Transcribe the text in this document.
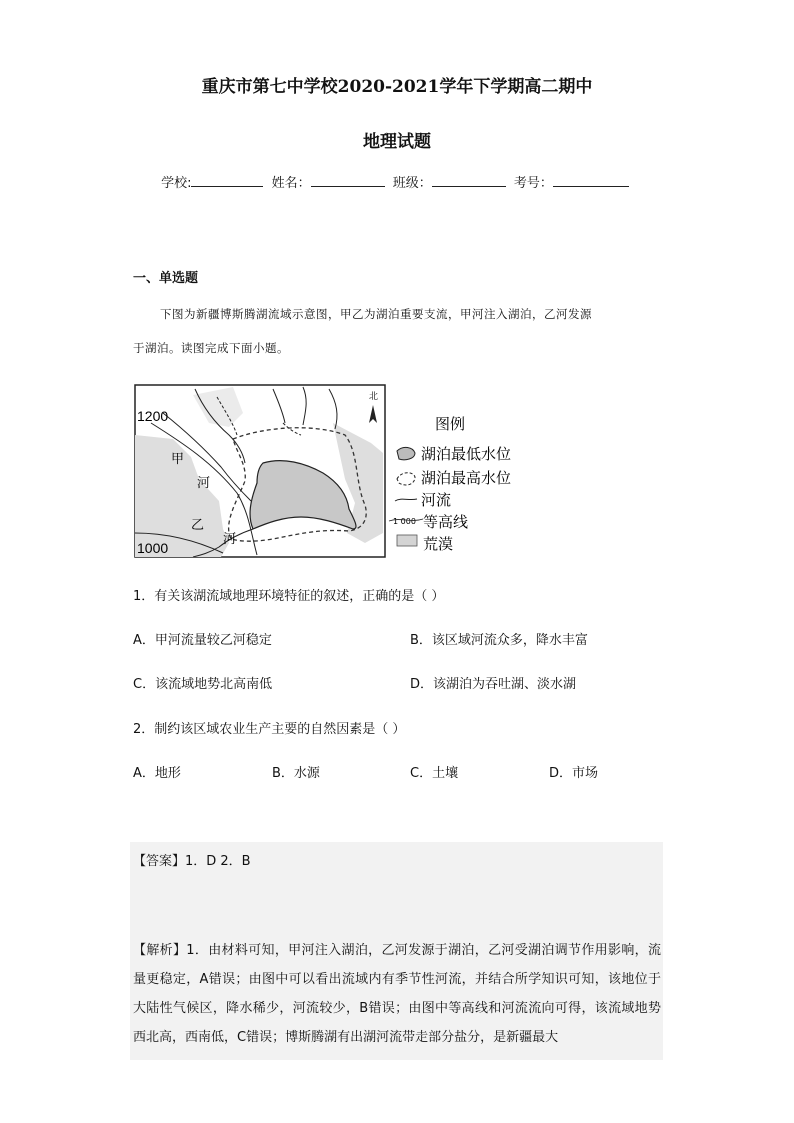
重庆市第七中学校2020-2021学年下学期高二期中
地理试题
学校:	姓名：	班级：	考号：
一、单选题
下图为新疆博斯腾湖流域示意图，甲乙为湖泊重要支流，甲河注入湖泊，乙河发源
于湖泊。读图完成下面小题。
北
1200
1000
甲
河
乙
河
图例
湖泊最低水位
湖泊最高水位
河流
1 000 等高线
荒漠
1．有关该湖流域地理环境特征的叙述，正确的是（ ）
A．甲河流量较乙河稳定	B．该区域河流众多，降水丰富
C．该流域地势北高南低	D．该湖泊为吞吐湖、淡水湖
2．制约该区域农业生产主要的自然因素是（ ）
A．地形	B．水源	C．土壤	D．市场
【答案】1．D 2．B
【解析】1．由材料可知，甲河注入湖泊，乙河发源于湖泊，乙河受湖泊调节作用影响，流量更稳定，A错误；由图中可以看出流域内有季节性河流，并结合所学知识可知，该地位于大陆性气候区，降水稀少，河流较少，B错误；由图中等高线和河流流向可得，该流域地势西北高，西南低，C错误；博斯腾湖有出湖河流带走部分盐分，是新疆最大
